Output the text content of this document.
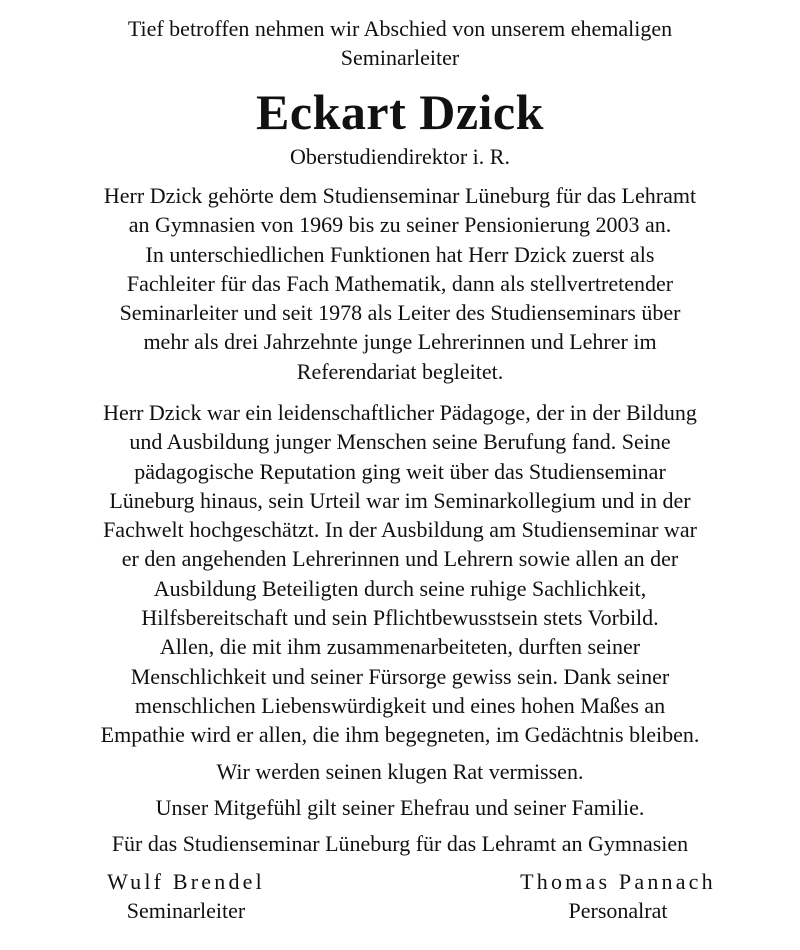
Tief betroffen nehmen wir Abschied von unserem ehemaligen
Seminarleiter
Eckart Dzick
Oberstudiendirektor i. R.
Herr Dzick gehörte dem Studienseminar Lüneburg für das Lehramt
an Gymnasien von 1969 bis zu seiner Pensionierung 2003 an.
In unterschiedlichen Funktionen hat Herr Dzick zuerst als
Fachleiter für das Fach Mathematik, dann als stellvertretender
Seminarleiter und seit 1978 als Leiter des Studienseminars über
mehr als drei Jahrzehnte junge Lehrerinnen und Lehrer im
Referendariat begleitet.
Herr Dzick war ein leidenschaftlicher Pädagoge, der in der Bildung
und Ausbildung junger Menschen seine Berufung fand. Seine
pädagogische Reputation ging weit über das Studienseminar
Lüneburg hinaus, sein Urteil war im Seminarkollegium und in der
Fachwelt hochgeschätzt. In der Ausbildung am Studienseminar war
er den angehenden Lehrerinnen und Lehrern sowie allen an der
Ausbildung Beteiligten durch seine ruhige Sachlichkeit,
Hilfsbereitschaft und sein Pflichtbewusstsein stets Vorbild.
Allen, die mit ihm zusammenarbeiteten, durften seiner
Menschlichkeit und seiner Fürsorge gewiss sein. Dank seiner
menschlichen Liebenswürdigkeit und eines hohen Maßes an
Empathie wird er allen, die ihm begegneten, im Gedächtnis bleiben.
Wir werden seinen klugen Rat vermissen.
Unser Mitgefühl gilt seiner Ehefrau und seiner Familie.
Für das Studienseminar Lüneburg für das Lehramt an Gymnasien
Wulf Brendel
Seminarleiter
Thomas Pannach
Personalrat
